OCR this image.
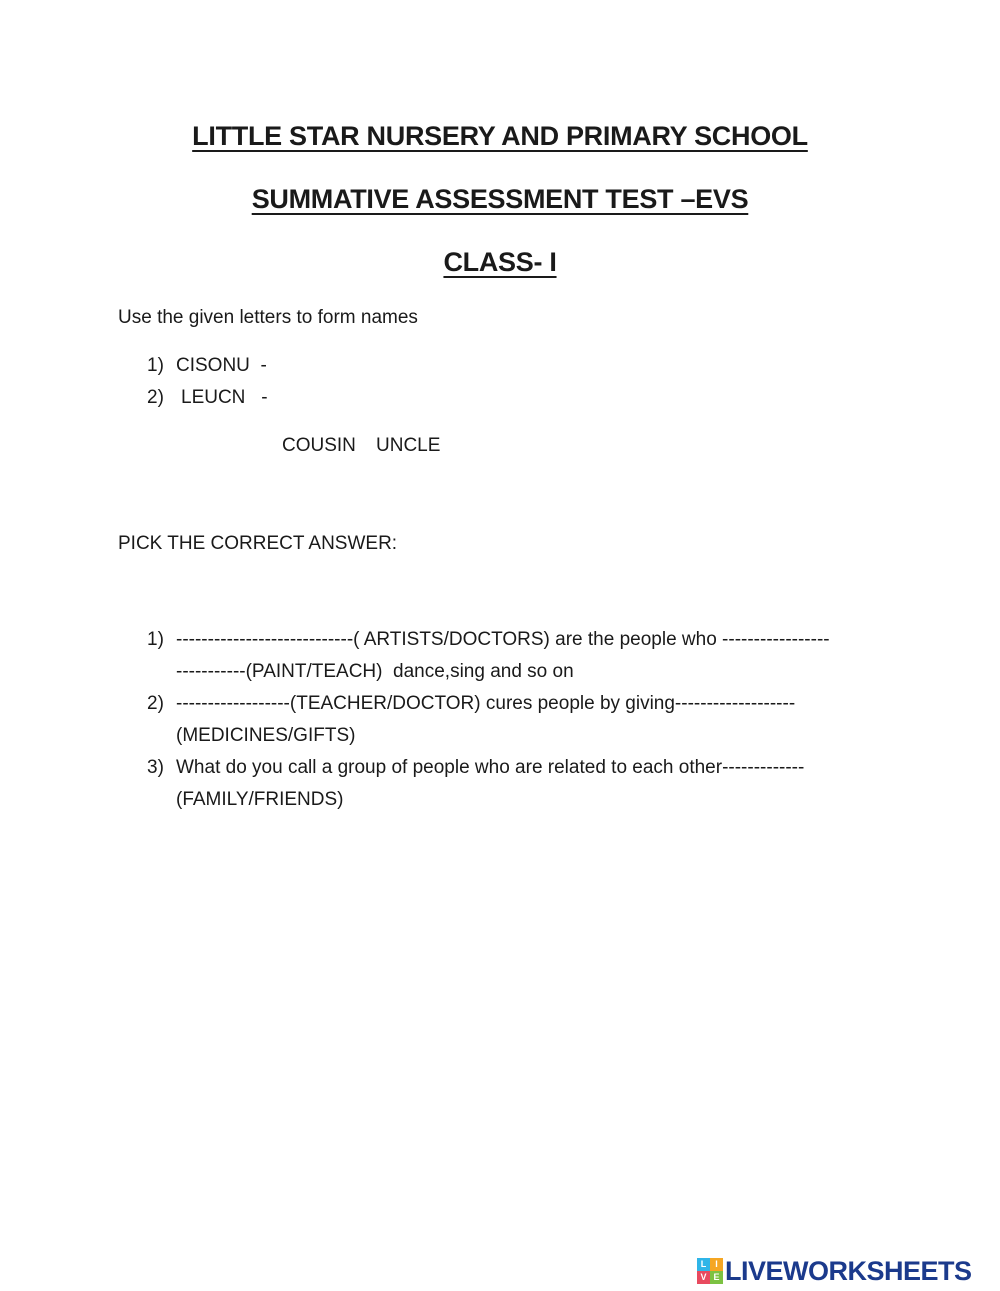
LITTLE STAR NURSERY AND PRIMARY SCHOOL
SUMMATIVE ASSESSMENT TEST –EVS
CLASS- I
Use the given letters to form names
1) CISONU  -
2) LEUCN   -
COUSIN UNCLE
PICK THE CORRECT ANSWER:
1) ----------------------------( ARTISTS/DOCTORS) are the people who -----------------
-----------(PAINT/TEACH)  dance,sing and so on
2) ------------------(TEACHER/DOCTOR) cures people by giving-------------------
(MEDICINES/GIFTS)
3) What do you call a group of people who are related to each other-------------
(FAMILY/FRIENDS)
L I
V E LIVEWORKSHEETS
